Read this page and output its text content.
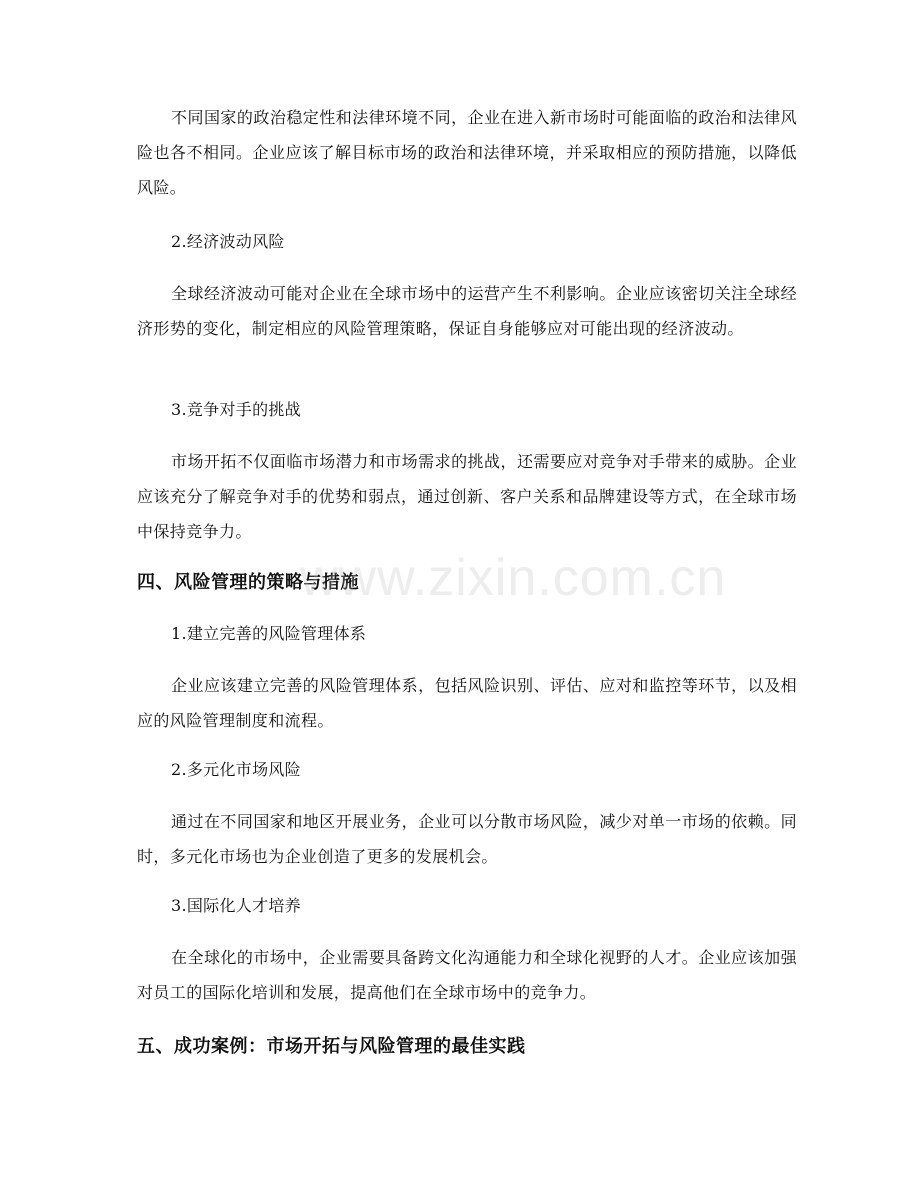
不同国家的政治稳定性和法律环境不同，企业在进入新市场时可能面临的政治和法律风险也各不相同。企业应该了解目标市场的政治和法律环境，并采取相应的预防措施，以降低风险。

2.经济波动风险

全球经济波动可能对企业在全球市场中的运营产生不利影响。企业应该密切关注全球经济形势的变化，制定相应的风险管理策略，保证自身能够应对可能出现的经济波动。

3.竞争对手的挑战

市场开拓不仅面临市场潜力和市场需求的挑战，还需要应对竞争对手带来的威胁。企业应该充分了解竞争对手的优势和弱点，通过创新、客户关系和品牌建设等方式，在全球市场中保持竞争力。

四、风险管理的策略与措施

1.建立完善的风险管理体系

企业应该建立完善的风险管理体系，包括风险识别、评估、应对和监控等环节，以及相应的风险管理制度和流程。

2.多元化市场风险

通过在不同国家和地区开展业务，企业可以分散市场风险，减少对单一市场的依赖。同时，多元化市场也为企业创造了更多的发展机会。

3.国际化人才培养

在全球化的市场中，企业需要具备跨文化沟通能力和全球化视野的人才。企业应该加强对员工的国际化培训和发展，提高他们在全球市场中的竞争力。

五、成功案例：市场开拓与风险管理的最佳实践
www.zixin.com.cn
